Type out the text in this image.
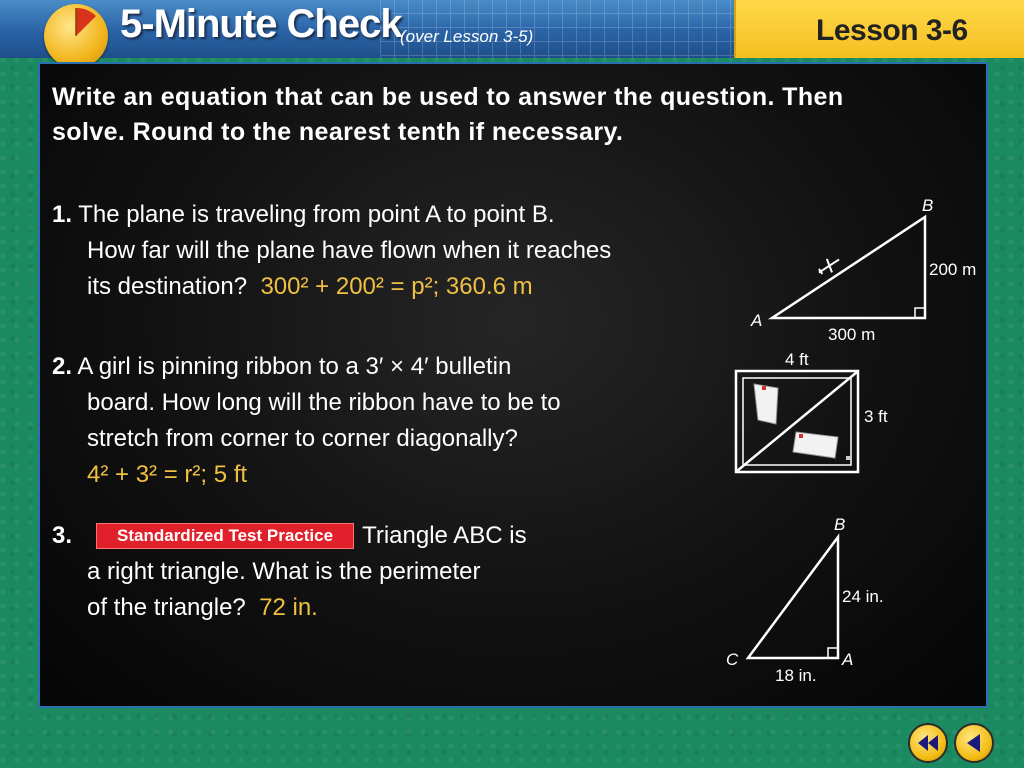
5-Minute Check
(over Lesson 3-5)	Lesson 3-6
Write an equation that can be used to answer the question. Then solve. Round to the nearest tenth if necessary.
1. The plane is traveling from point A to point B.
How far will the plane have flown when it reaches
its destination? 300² + 200² = p²; 360.6 m
2. A girl is pinning ribbon to a 3′ × 4′ bulletin
board. How long will the ribbon have to be to
stretch from corner to corner diagonally?
4² + 3² = r²; 5 ft
3.	Standardized Test Practice Triangle ABC is
a right triangle. What is the perimeter
of the triangle? 72 in.
B
A
200 m
300 m
4 ft
3 ft
B
C	A
24 in.
18 in.
